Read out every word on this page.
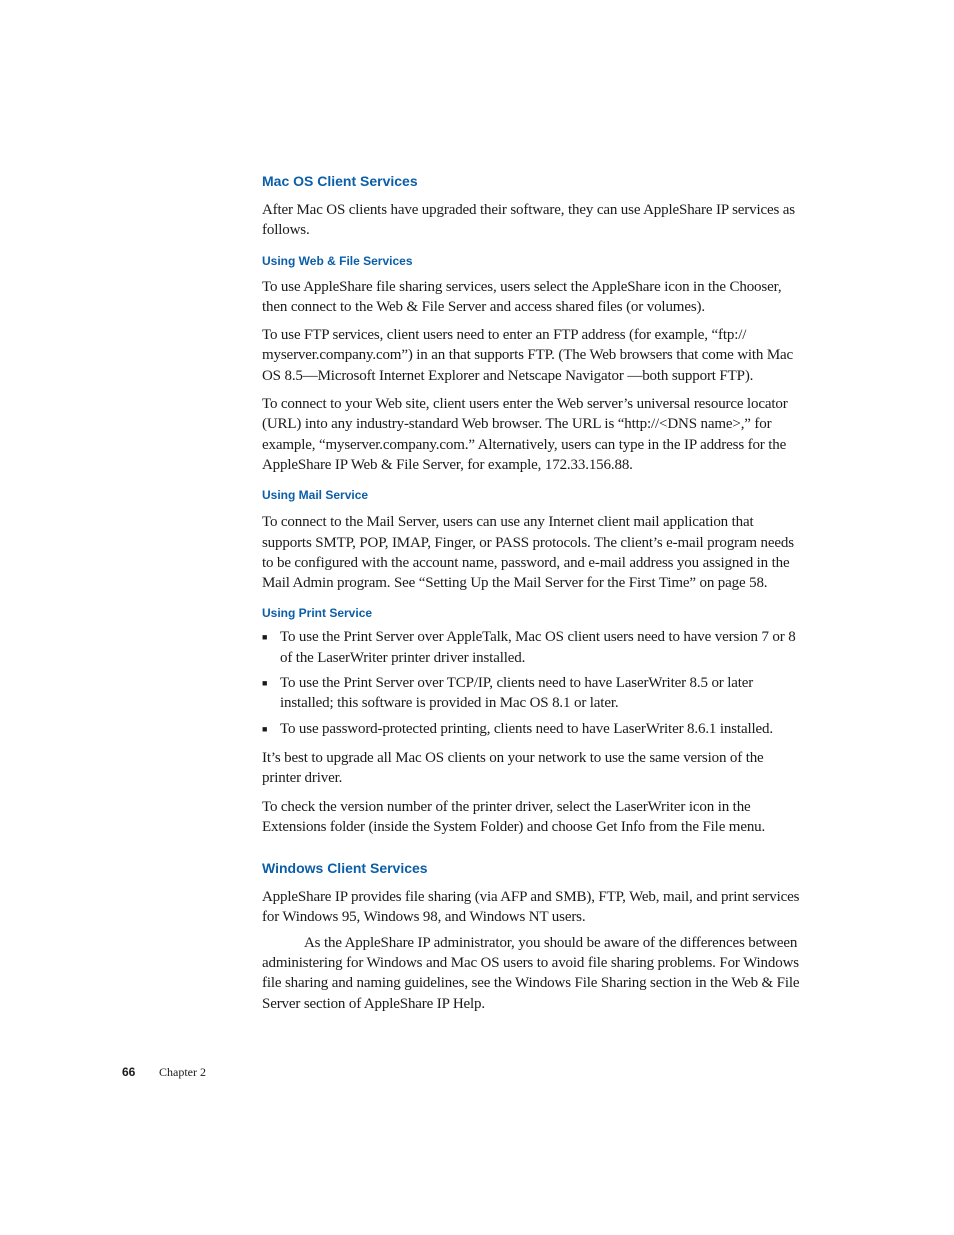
Mac OS Client Services

After Mac OS clients have upgraded their software, they can use AppleShare IP services as follows.

Using Web & File Services

To use AppleShare file sharing services, users select the AppleShare icon in the Chooser, then connect to the Web & File Server and access shared files (or volumes).

To use FTP services, client users need to enter an FTP address (for example, “ftp:// myserver.company.com”) in an that supports FTP. (The Web browsers that come with Mac OS 8.5—Microsoft Internet Explorer and Netscape Navigator —both support FTP).

To connect to your Web site, client users enter the Web server’s universal resource locator (URL) into any industry-standard Web browser. The URL is “http://<DNS name>,” for example, “myserver.company.com.” Alternatively, users can type in the IP address for the AppleShare IP Web & File Server, for example, 172.33.156.88.

Using Mail Service

To connect to the Mail Server, users can use any Internet client mail application that supports SMTP, POP, IMAP, Finger, or PASS protocols. The client’s e-mail program needs to be configured with the account name, password, and e-mail address you assigned in the Mail Admin program. See “Setting Up the Mail Server for the First Time” on page 58.

Using Print Service
■ To use the Print Server over AppleTalk, Mac OS client users need to have version 7 or 8 of the LaserWriter printer driver installed.
■ To use the Print Server over TCP/IP, clients need to have LaserWriter 8.5 or later installed; this software is provided in Mac OS 8.1 or later.
■ To use password-protected printing, clients need to have LaserWriter 8.6.1 installed.

It’s best to upgrade all Mac OS clients on your network to use the same version of the printer driver.

To check the version number of the printer driver, select the LaserWriter icon in the Extensions folder (inside the System Folder) and choose Get Info from the File menu.

Windows Client Services

AppleShare IP provides file sharing (via AFP and SMB), FTP, Web, mail, and print services for Windows 95, Windows 98, and Windows NT users.

As the AppleShare IP administrator, you should be aware of the differences between administering for Windows and Mac OS users to avoid file sharing problems. For Windows file sharing and naming guidelines, see the Windows File Sharing section in the Web & File Server section of AppleShare IP Help.

66 Chapter 2
